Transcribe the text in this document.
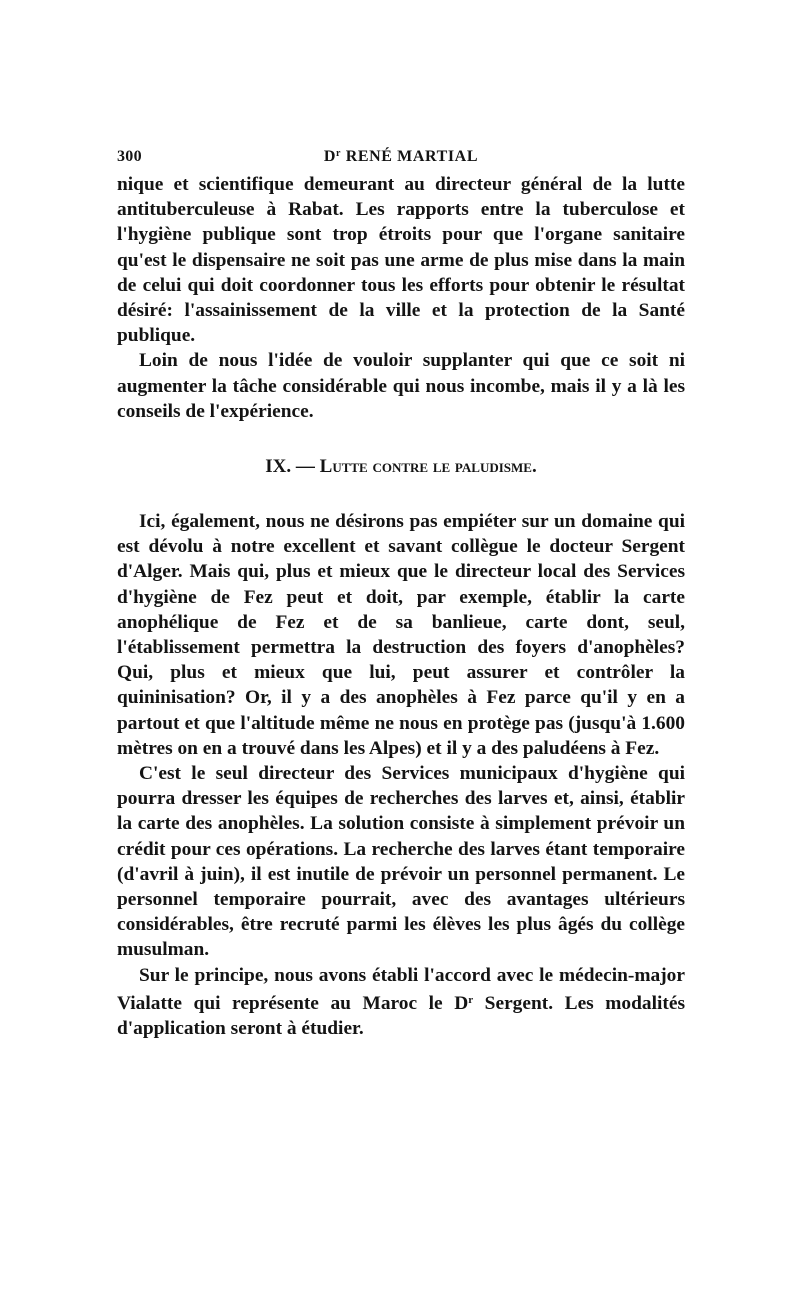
300	$D^r$ RENÉ MARTIAL

nique et scientifique demeurant au directeur général de la lutte antituberculeuse à Rabat. Les rapports entre la tuberculose et l'hygiène publique sont trop étroits pour que l'organe sanitaire qu'est le dispensaire ne soit pas une arme de plus mise dans la main de celui qui doit coordonner tous les efforts pour obtenir le résultat désiré: l'assainissement de la ville et la protection de la Santé publique.

Loin de nous l'idée de vouloir supplanter qui que ce soit ni augmenter la tâche considérable qui nous incombe, mais il y a là les conseils de l'expérience.

IX. — Lutte contre le paludisme.

Ici, également, nous ne désirons pas empiéter sur un domaine qui est dévolu à notre excellent et savant collègue le docteur Sergent d'Alger. Mais qui, plus et mieux que le directeur local des Services d'hygiène de Fez peut et doit, par exemple, établir la carte anophélique de Fez et de sa banlieue, carte dont, seul, l'établissement permettra la destruction des foyers d'anophèles? Qui, plus et mieux que lui, peut assurer et contrôler la quininisation? Or, il y a des anophèles à Fez parce qu'il y en a partout et que l'altitude même ne nous en protège pas (jusqu'à 1.600 mètres on en a trouvé dans les Alpes) et il y a des paludéens à Fez.

C'est le seul directeur des Services municipaux d'hygiène qui pourra dresser les équipes de recherches des larves et, ainsi, établir la carte des anophèles. La solution consiste à simplement prévoir un crédit pour ces opérations. La recherche des larves étant temporaire (d'avril à juin), il est inutile de prévoir un personnel permanent. Le personnel temporaire pourrait, avec des avantages ultérieurs considérables, être recruté parmi les élèves les plus âgés du collège musulman.

Sur le principe, nous avons établi l'accord avec le médecin-major Vialatte qui représente au Maroc le $D^r$ Sergent. Les modalités d'application seront à étudier.
